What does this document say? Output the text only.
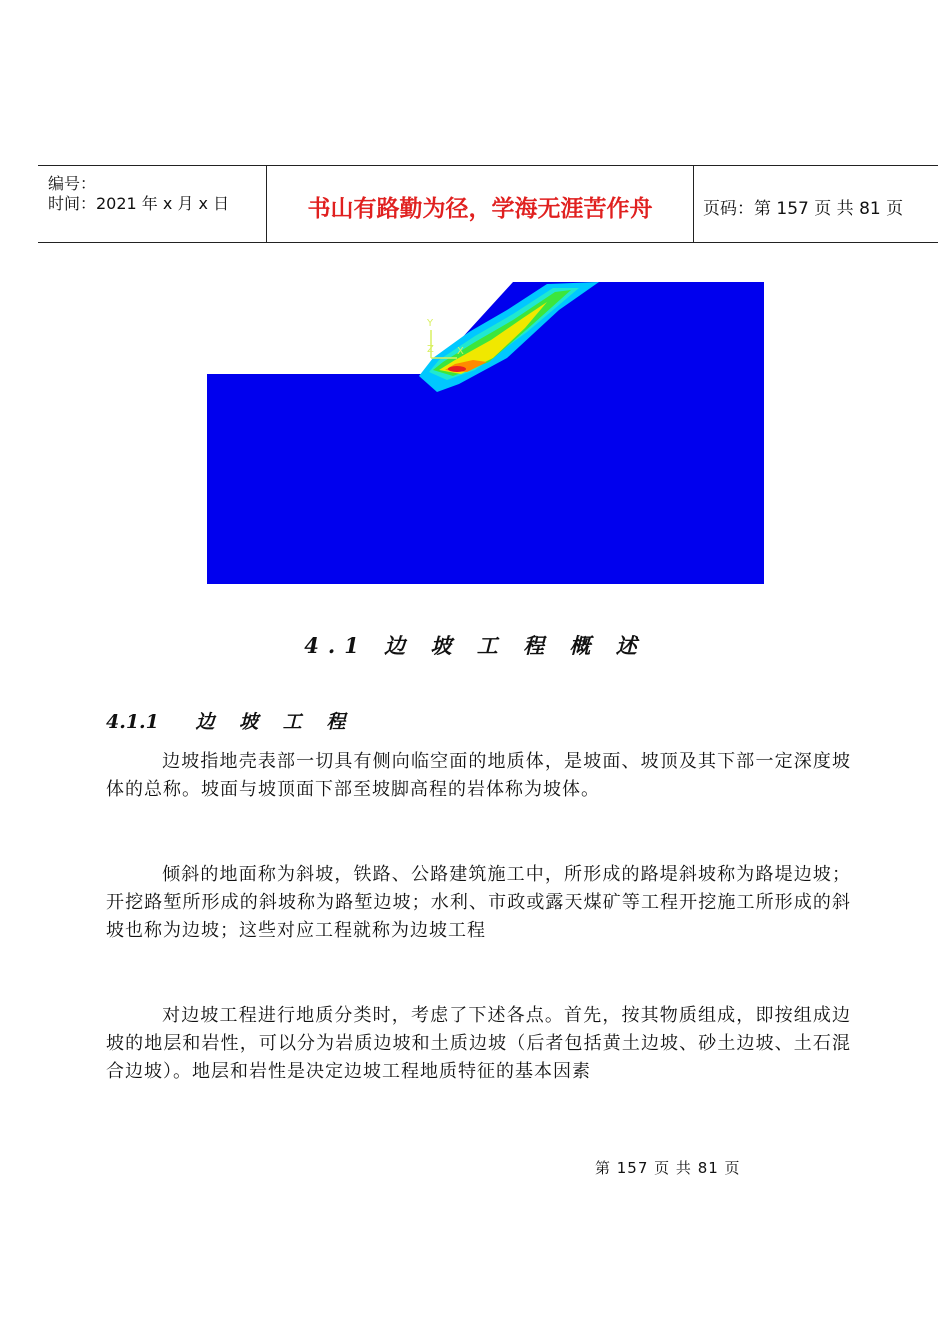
编号：
时间：2021 年 x 月 x 日	书山有路勤为径，学海无涯苦作舟	页码：第 157 页 共 81 页
Y
Z X
4.1 边 坡 工 程 概 述
4.1.1 边 坡 工 程

边坡指地壳表部一切具有侧向临空面的地质体，是坡面、坡顶及其下部一定深度坡体的总称。坡面与坡顶面下部至坡脚高程的岩体称为坡体。

倾斜的地面称为斜坡，铁路、公路建筑施工中，所形成的路堤斜坡称为路堤边坡；开挖路堑所形成的斜坡称为路堑边坡；水利、市政或露天煤矿等工程开挖施工所形成的斜坡也称为边坡；这些对应工程就称为边坡工程

对边坡工程进行地质分类时，考虑了下述各点。首先，按其物质组成，即按组成边坡的地层和岩性，可以分为岩质边坡和土质边坡（后者包括黄土边坡、砂土边坡、土石混合边坡）。地层和岩性是决定边坡工程地质特征的基本因素

第 157 页 共 81 页
